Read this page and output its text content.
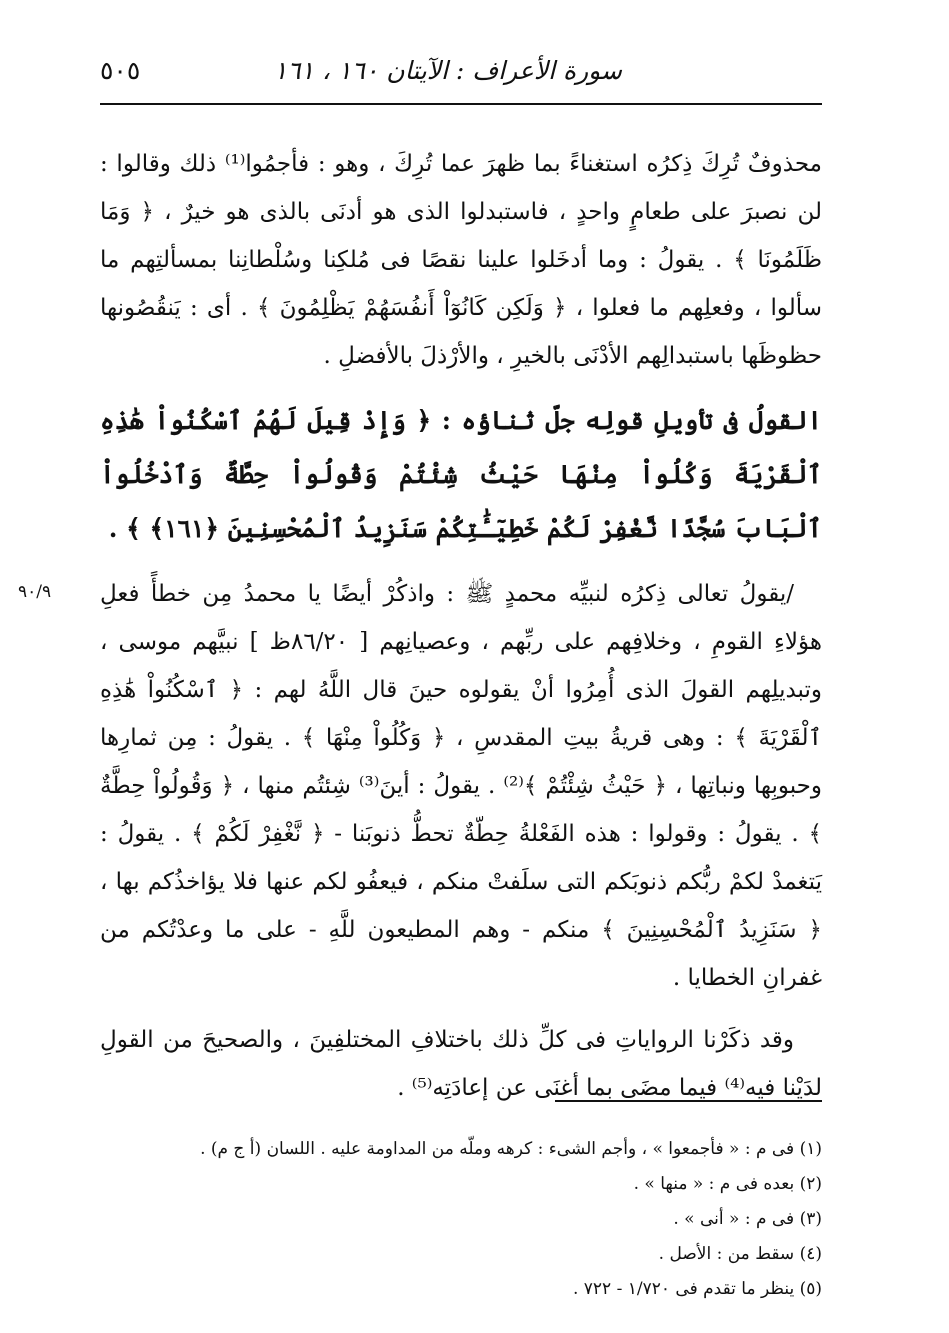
سورة الأعراف : الآيتان ١٦٠ ، ١٦١
٥٠٥
٩٠/٩

محذوفٌ تُرِكَ ذِكرُه استغناءً بما ظهرَ عما تُرِكَ ، وهو : فأجمُوا⁽¹⁾ ذلك وقالوا : لن نصبرَ على طعامٍ واحدٍ ، فاستبدلوا الذى هو أدنَى بالذى هو خيرٌ ، ﴿ وَمَا ظَلَمُونَا ﴾ . يقولُ : وما أدخَلوا علينا نقصًا فى مُلكِنا وسُلْطانِنا بمسألتِهم ما سألوا ، وفعلِهم ما فعلوا ، ﴿ وَلَكِن كَانُوٓاْ أَنفُسَهُمْ يَظْلِمُونَ ﴾ . أى : يَنقُصُونها حظوظَها باستبدالِهم الأدْنَى بالخيرِ ، والأرْذلَ بالأفضلِ .

القولُ فى تأويلِ قولِه جلّ ثناؤه : ﴿ وَإِذْ قِيلَ لَهُمُ ٱسْكُنُواْ هَٰذِهِ ٱلْقَرْيَةَ وَكُلُواْ مِنْهَا حَيْثُ شِئْتُمْ وَقُولُواْ حِطَّةٌ وَٱدْخُلُواْ ٱلْبَابَ سُجَّدًا نَّغْفِرْ لَكُمْ خَطِيٓـَٰٔتِكُمْ سَنَزِيدُ ٱلْمُحْسِنِينَ ﴿١٦١﴾ ﴾ .

/يقولُ تعالى ذِكرُه لنبيِّه محمدٍ ﷺ : واذكُرْ أيضًا يا محمدُ مِن خطأً فعلِ هؤلاءِ القومِ ، وخلافِهم على ربِّهم ، وعصيانِهم [ ٨٦/٢٠ظ ] نبيَّهم موسى ، وتبديلِهم القولَ الذى أُمِرُوا أنْ يقولوه حينَ قال اللَّهُ لهم : ﴿ ٱسْكُنُواْ هَٰذِهِ ٱلْقَرْيَةَ ﴾ : وهى قريةُ بيتِ المقدسِ ، ﴿ وَكُلُواْ مِنْهَا ﴾ . يقولُ : مِن ثمارِها وحبوبِها ونباتِها ، ﴿ حَيْثُ شِئْتُمْ ﴾⁽²⁾ . يقولُ : أينَ⁽³⁾ شِئتُم منها ، ﴿ وَقُولُواْ حِطَّةٌ ﴾ . يقولُ : وقولوا : هذه الفَعْلةُ حِطّةٌ تحطُّ ذنوبَنا - ﴿ نَّغْفِرْ لَكُمْ ﴾ . يقولُ : يَتغمدْ لكمْ ربُّكم ذنوبَكم التى سلَفتْ منكم ، فيعفُو لكم عنها فلا يؤاخذُكم بها ، ﴿ سَنَزِيدُ ٱلْمُحْسِنِينَ ﴾ منكم - وهم المطيعون للَّهِ - على ما وعدْتُكم من غفرانِ الخطايا .

وقد ذكَرْنا الرواياتِ فى كلِّ ذلك باختلافِ المختلفِينَ ، والصحيحَ من القولِ لدَيْنا فيه⁽⁴⁾ فيما مضَى بما أغنَى عن إعادَتِه⁽⁵⁾ .

(١) فى م : « فأجمعوا » ، وأجم الشىء : كرهه وملّه من المداومة عليه . اللسان (أ ج م) .

(٢) بعده فى م : « منها » .

(٣) فى م : « أنى » .

(٤) سقط من : الأصل .

(٥) ينظر ما تقدم فى ١/٧٢٠ - ٧٢٢ .
